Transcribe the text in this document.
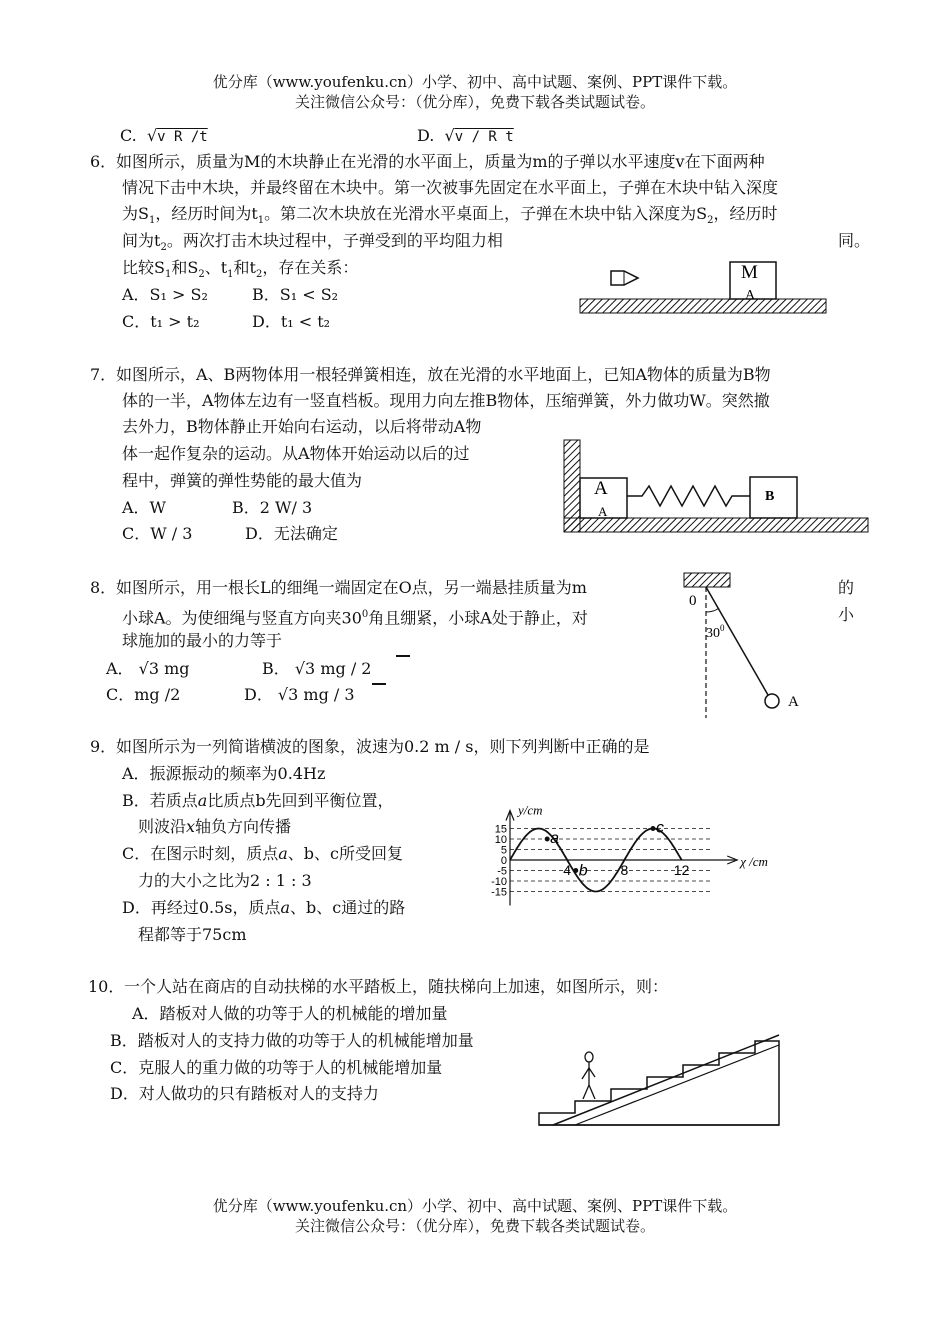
优分库（www.youfenku.cn）小学、初中、高中试题、案例、PPT课件下载。
关注微信公众号：（优分库），免费下载各类试题试卷。
C.  √v R /t	D.  √v / R t
6． 如图所示，质量为M的木块静止在光滑的水平面上，质量为m的子弹以水平速度v在下面两种
情况下击中木块，并最终留在木块中。第一次被事先固定在水平面上，子弹在木块中钻入深度
为$S_1$，经历时间为$t_1$。第二次木块放在光滑水平桌面上，子弹在木块中钻入深度为$S_2$，经历时
间为$t_2$。两次打击木块过程中，子弹受到的平均阻力相	同。
比较$S_1$和$S_2$、$t_1$和$t_2$，存在关系：
A．S₁ > S₂	B．S₁ < S₂
C．t₁ > t₂	D．t₁ < t₂
M
A
7． 如图所示，A、B两物体用一根轻弹簧相连，放在光滑的水平地面上，已知A物体的质量为B物
体的一半，A物体左边有一竖直档板。现用力向左推B物体，压缩弹簧，外力做功W。突然撤
去外力，B物体静止开始向右运动，以后将带动A物
体一起作复杂的运动。从A物体开始运动以后的过
程中，弹簧的弹性势能的最大值为
A．W	B．2 W/ 3
C．W / 3	D．无法确定
A
A
B
8． 如图所示，用一根长L的细绳一端固定在O点，另一端悬挂质量为m	的
小球A。为使细绳与竖直方向夹$30^0$角且绷紧，小球A处于静止，对	小
球施加的最小的力等于
A． √3 mg	B． √3 mg / 2
C．mg /2	D． √3 mg / 3
0
$30^0$
A
9． 如图所示为一列简谐横波的图象，波速为0.2 m / s，则下列判断中正确的是
A．振源振动的频率为0.4Hz
B．若质点a比质点b先回到平衡位置，
则波沿x轴负方向传播
C．在图示时刻，质点a、b、c所受回复
力的大小之比为2 : 1 : 3
D．再经过0.5s，质点a、b、c通过的路
程都等于75cm
15
10
5
0
-5
-10
-15
y/cm
χ /cm
4	8	12
a
b
c
10． 一个人站在商店的自动扶梯的水平踏板上，随扶梯向上加速，如图所示，则：
A．踏板对人做的功等于人的机械能的增加量
B．踏板对人的支持力做的功等于人的机械能增加量
C．克服人的重力做的功等于人的机械能增加量
D．对人做功的只有踏板对人的支持力
优分库（www.youfenku.cn）小学、初中、高中试题、案例、PPT课件下载。
关注微信公众号：（优分库），免费下载各类试题试卷。
